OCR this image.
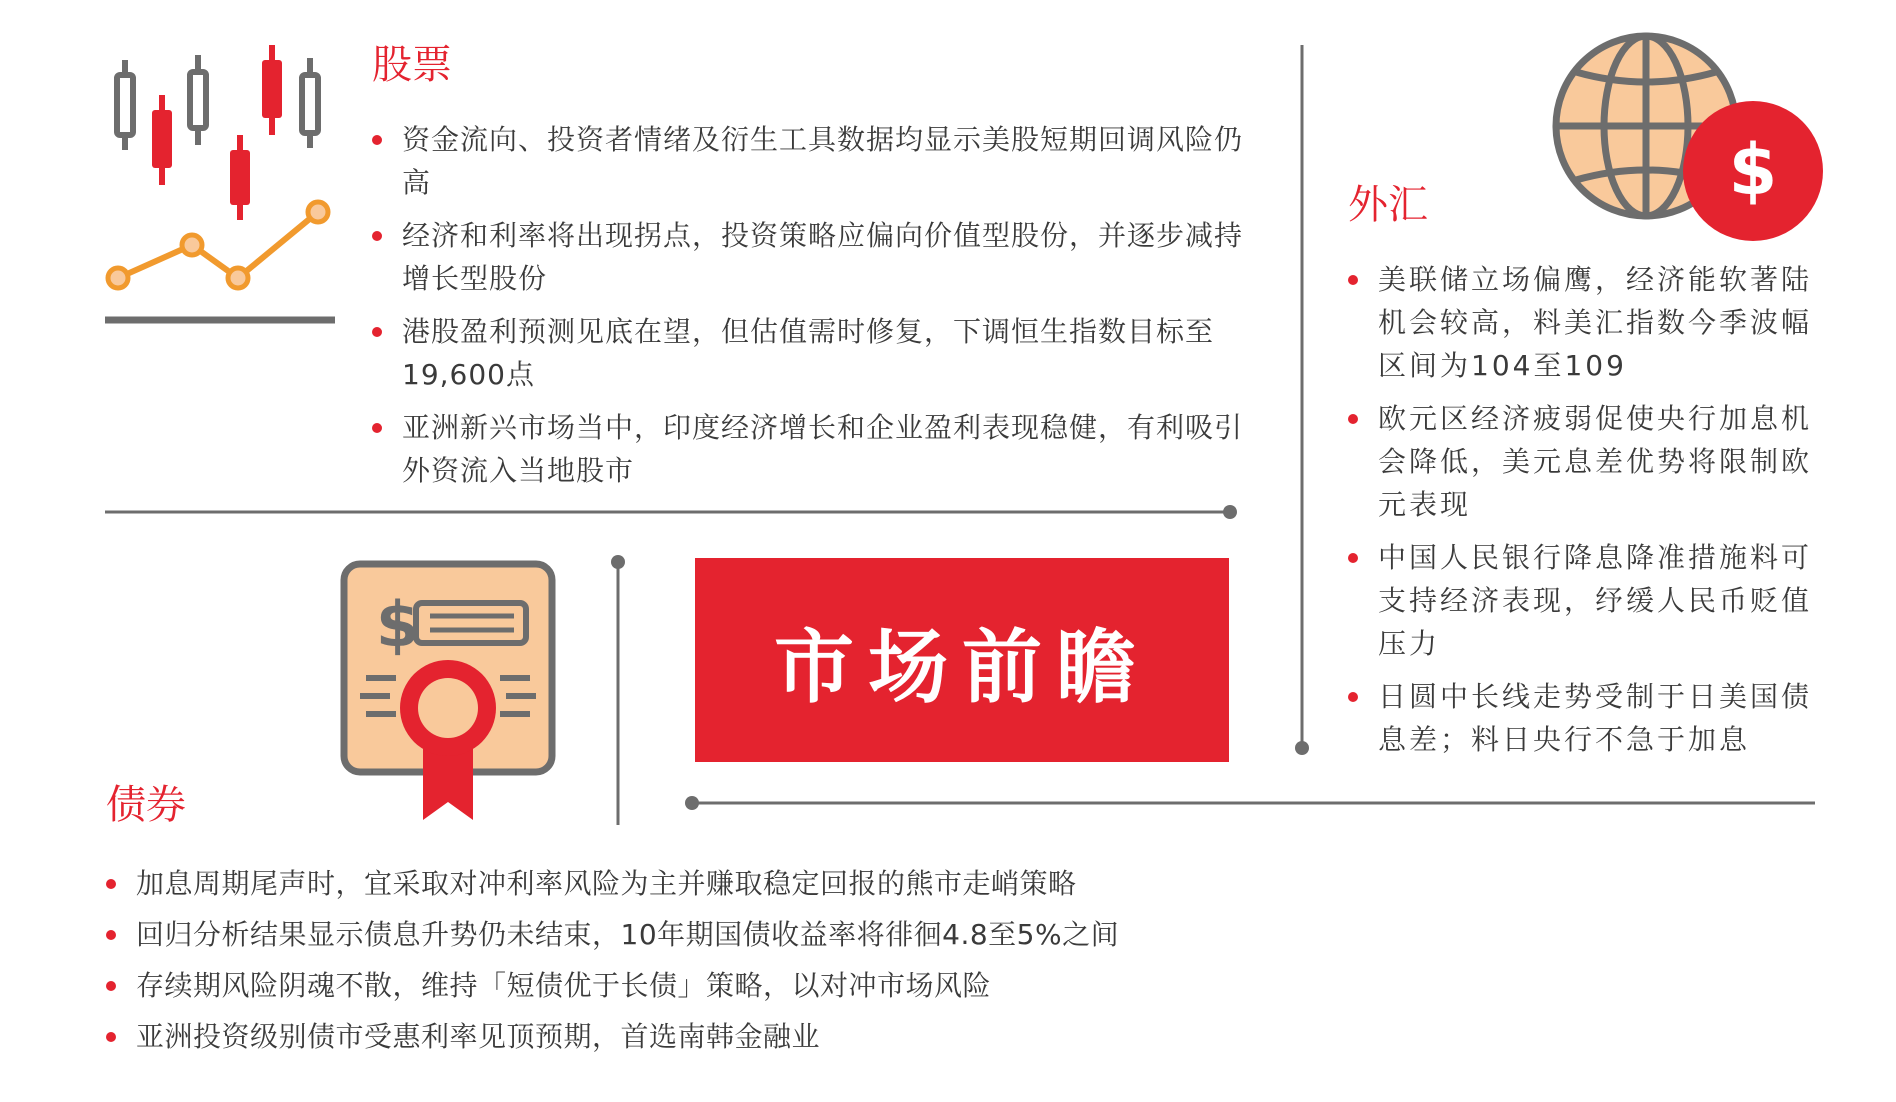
股票
资金流向、投资者情绪及衍生工具数据均显示美股短期回调风险仍高
经济和利率将出现拐点，投资策略应偏向价值型股份，并逐步减持增长型股份
港股盈利预测见底在望，但估值需时修复，下调恒生指数目标至19,600点
亚洲新兴市场当中，印度经济增长和企业盈利表现稳健，有利吸引外资流入当地股市
$
外汇
美联储立场偏鹰，经济能软著陆机会较高，料美汇指数今季波幅区间为104至109
欧元区经济疲弱促使央行加息机会降低，美元息差优势将限制欧元表现
中国人民银行降息降准措施料可支持经济表现，纾缓人民币贬值压力
日圆中长线走势受制于日美国债息差；料日央行不急于加息
$	市场前瞻
债券
加息周期尾声时，宜采取对冲利率风险为主并赚取稳定回报的熊市走峭策略
回归分析结果显示债息升势仍未结束，10年期国债收益率将徘徊4.8至5%之间
存续期风险阴魂不散，维持「短债优于长债」策略，以对冲市场风险
亚洲投资级别债市受惠利率见顶预期，首选南韩金融业
